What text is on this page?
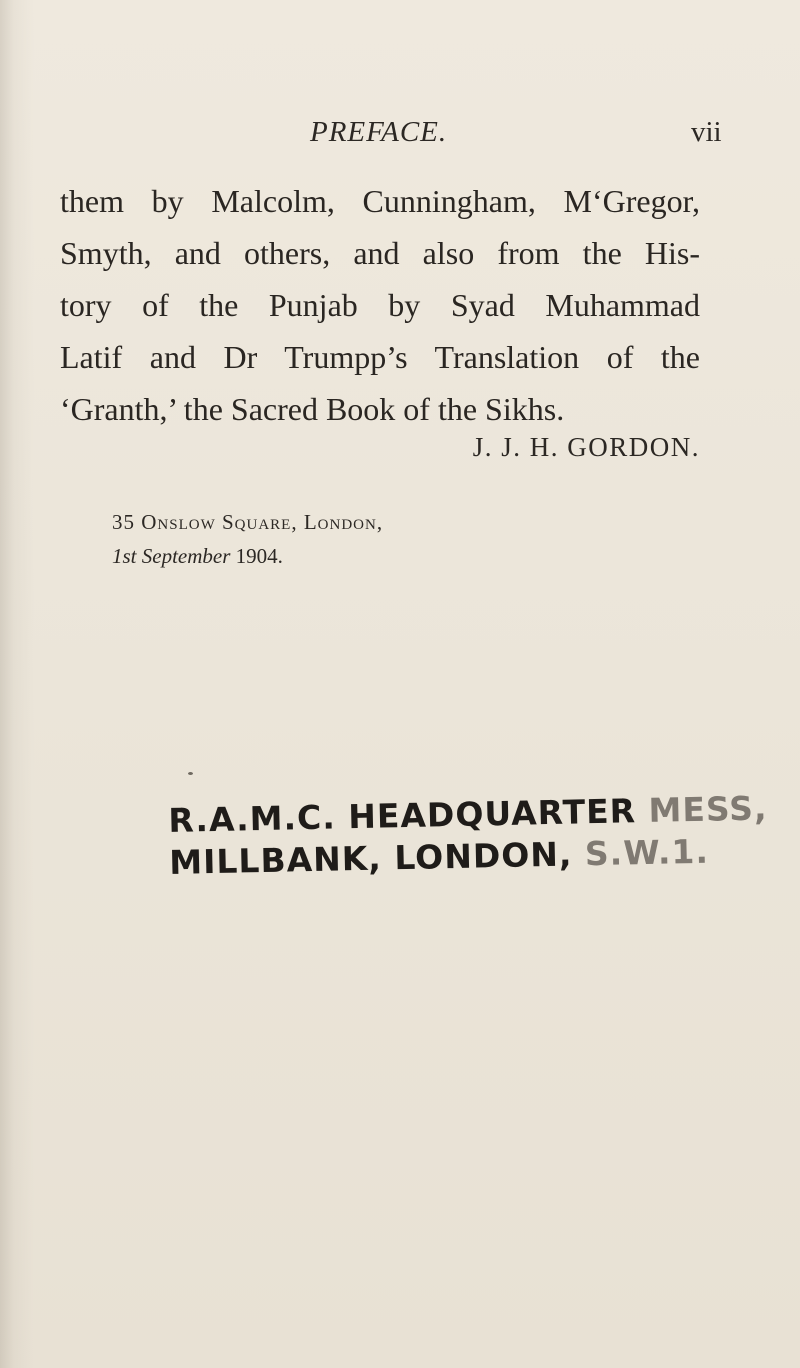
PREFACE.	vii
them by Malcolm, Cunningham, M‘Gregor,
Smyth, and others, and also from the His-
tory of the Punjab by Syad Muhammad
Latif and Dr Trumpp’s Translation of the
‘Granth,’ the Sacred Book of the Sikhs.
J. J. H. GORDON.
35 Onslow Square, London,
1st September 1904.
R.A.M.C. HEADQUARTER MESS,
MILLBANK, LONDON, S.W.1.
